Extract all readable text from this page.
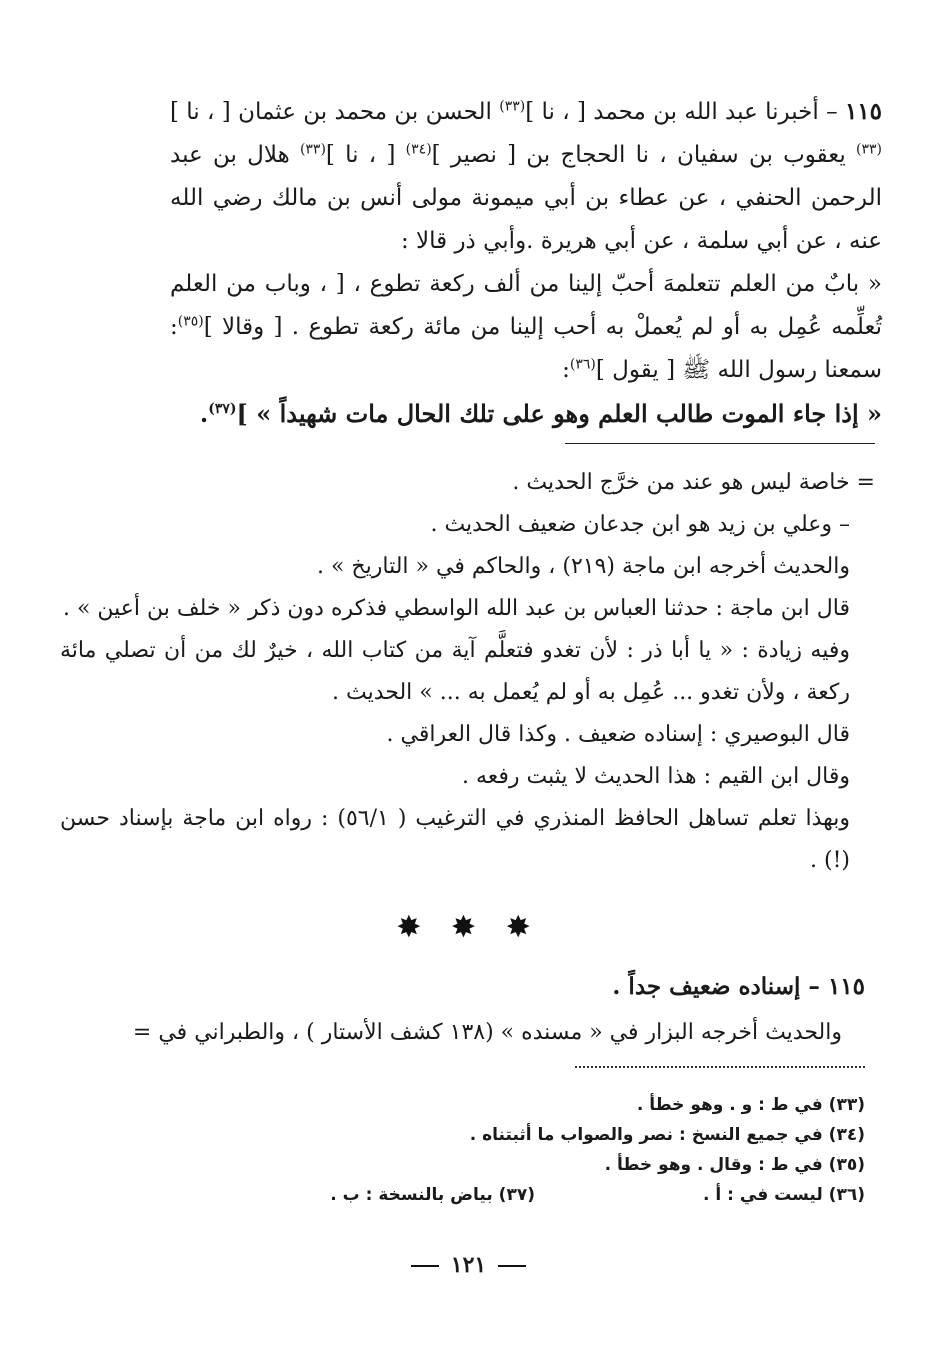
١١٥ – أخبرنا عبد الله بن محمد [ ، نا ]$^{(٣٣)}$ الحسن بن محمد بن عثمان [ ، نا ]$^{(٣٣)}$ يعقوب بن سفيان ، نا الحجاج بن [ نصير ]$^{(٣٤)}$ [ ، نا ]$^{(٣٣)}$ هلال بن عبد الرحمن الحنفي ، عن عطاء بن أبي ميمونة مولى أنس بن مالك رضي الله عنه ، عن أبي سلمة ، عن أبي هريرة .وأبي ذر قالا :

« بابٌ من العلم تتعلمهَ أحبّ إلينا من ألف ركعة تطوع ، [ ، وباب من العلم تُعلِّمه عُمِل به أو لم يُعملْ به أحب إلينا من مائة ركعة تطوع . [ وقالا ]$^{(٣٥)}$: سمعنا رسول الله ﷺ [ يقول ]$^{(٣٦)}$:

« إذا جاء الموت طالب العلم وهو على تلك الحال مات شهيداً » ]$^{(٣٧)}$.

= خاصة ليس هو عند من خرَّج الحديث .

– وعلي بن زيد هو ابن جدعان ضعيف الحديث .

والحديث أخرجه ابن ماجة (٢١٩) ، والحاكم في « التاريخ » .

قال ابن ماجة : حدثنا العباس بن عبد الله الواسطي فذكره دون ذكر « خلف بن أعين » .

وفيه زيادة : « يا أبا ذر : لأن تغدو فتعلَّم آية من كتاب الله ، خيرٌ لك من أن تصلي مائة ركعة ، ولأن تغدو ... عُمِل به أو لم يُعمل به ... » الحديث .

قال البوصيري : إسناده ضعيف . وكذا قال العراقي .

وقال ابن القيم : هذا الحديث لا يثبت رفعه .

وبهذا تعلم تساهل الحافظ المنذري في الترغيب ( ٥٦/١) : رواه ابن ماجة بإسناد حسن (!) .

✸ ✸ ✸
١١٥ – إسناده ضعيف جداً .
والحديث أخرجه البزار في « مسنده » (١٣٨ كشف الأستار ) ، والطبراني في =

(٣٣) في ط : و . وهو خطأ .

(٣٤) في جميع النسخ : نصر والصواب ما أثبتناه .

(٣٥) في ط : وقال . وهو خطأ .

(٣٦) ليست في : أ .

(٣٧) بياض بالنسخة : ب .

١٢١
